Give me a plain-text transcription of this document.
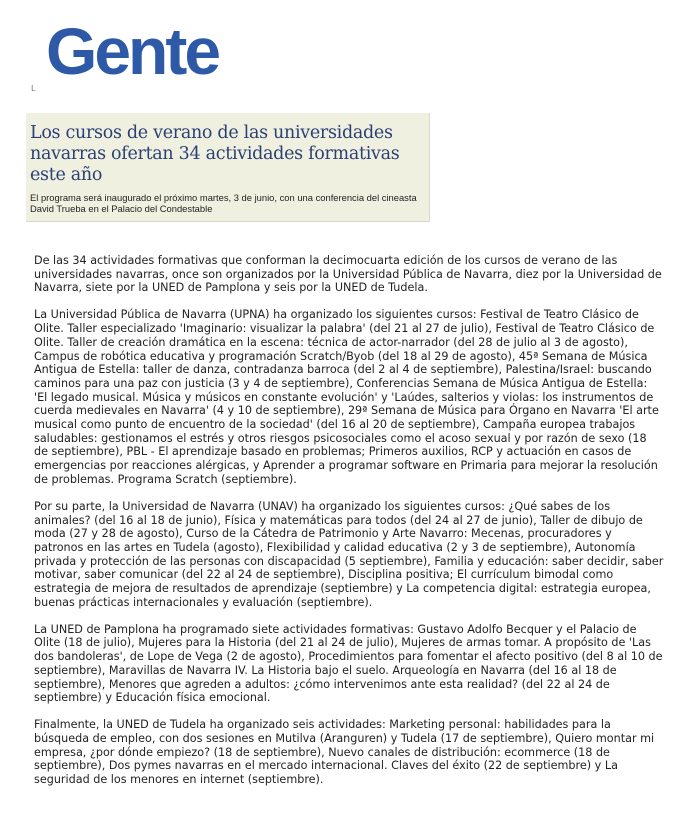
Gente
L
Los cursos de verano de las universidades navarras ofertan 34 actividades formativas este año

El programa será inaugurado el próximo martes, 3 de junio, con una conferencia del cineasta David Trueba en el Palacio del Condestable

De las 34 actividades formativas que conforman la decimocuarta edición de los cursos de verano de las universidades navarras, once son organizados por la Universidad Pública de Navarra, diez por la Universidad de Navarra, siete por la UNED de Pamplona y seis por la UNED de Tudela.

La Universidad Pública de Navarra (UPNA) ha organizado los siguientes cursos: Festival de Teatro Clásico de Olite. Taller especializado 'Imaginario: visualizar la palabra' (del 21 al 27 de julio), Festival de Teatro Clásico de Olite. Taller de creación dramática en la escena: técnica de actor-narrador (del 28 de julio al 3 de agosto), Campus de robótica educativa y programación Scratch/Byob (del 18 al 29 de agosto), 45ª Semana de Música Antigua de Estella: taller de danza, contradanza barroca (del 2 al 4 de septiembre), Palestina/Israel: buscando caminos para una paz con justicia (3 y 4 de septiembre), Conferencias Semana de Música Antigua de Estella: 'El legado musical. Música y músicos en constante evolución' y 'Laúdes, salterios y violas: los instrumentos de cuerda medievales en Navarra' (4 y 10 de septiembre), 29ª Semana de Música para Órgano en Navarra 'El arte musical como punto de encuentro de la sociedad' (del 16 al 20 de septiembre), Campaña europea trabajos saludables: gestionamos el estrés y otros riesgos psicosociales como el acoso sexual y por razón de sexo (18 de septiembre), PBL - El aprendizaje basado en problemas; Primeros auxilios, RCP y actuación en casos de emergencias por reacciones alérgicas, y Aprender a programar software en Primaria para mejorar la resolución de problemas. Programa Scratch (septiembre).

Por su parte, la Universidad de Navarra (UNAV) ha organizado los siguientes cursos: ¿Qué sabes de los animales? (del 16 al 18 de junio), Física y matemáticas para todos (del 24 al 27 de junio), Taller de dibujo de moda (27 y 28 de agosto), Curso de la Cátedra de Patrimonio y Arte Navarro: Mecenas, procuradores y patronos en las artes en Tudela (agosto), Flexibilidad y calidad educativa (2 y 3 de septiembre), Autonomía privada y protección de las personas con discapacidad (5 septiembre), Familia y educación: saber decidir, saber motivar, saber comunicar (del 22 al 24 de septiembre), Disciplina positiva; El currículum bimodal como estrategia de mejora de resultados de aprendizaje (septiembre) y La competencia digital: estrategia europea, buenas prácticas internacionales y evaluación (septiembre).

La UNED de Pamplona ha programado siete actividades formativas: Gustavo Adolfo Becquer y el Palacio de Olite (18 de julio), Mujeres para la Historia (del 21 al 24 de julio), Mujeres de armas tomar. A propósito de 'Las dos bandoleras', de Lope de Vega (2 de agosto), Procedimientos para fomentar el afecto positivo (del 8 al 10 de septiembre), Maravillas de Navarra IV. La Historia bajo el suelo. Arqueología en Navarra (del 16 al 18 de septiembre), Menores que agreden a adultos: ¿cómo intervenimos ante esta realidad? (del 22 al 24 de septiembre) y Educación física emocional.

Finalmente, la UNED de Tudela ha organizado seis actividades: Marketing personal: habilidades para la búsqueda de empleo, con dos sesiones en Mutilva (Aranguren) y Tudela (17 de septiembre), Quiero montar mi empresa, ¿por dónde empiezo? (18 de septiembre), Nuevo canales de distribución: ecommerce (18 de septiembre), Dos pymes navarras en el mercado internacional. Claves del éxito (22 de septiembre) y La seguridad de los menores en internet (septiembre).
